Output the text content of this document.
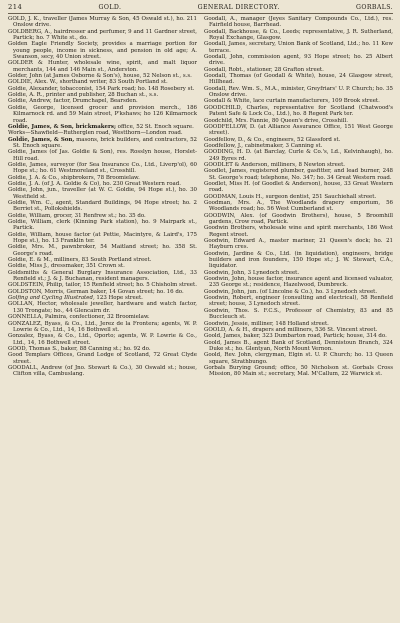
214	GOLD.	GENERAL DIRECTORY.	GORBALS.
GOLD, J. K., traveller (James Murray & Son, 45 Oswald st.), ho. 211 Onslow drive.
GOLDBERG, A., hairdresser and perfumer, 9 and 11 Gardner street, Partick; ho. 7 White st., do.
Golden Eagle Friendly Society, provides a marriage portion for young people, income in sickness, and pension in old age; A. Swanson, secy, 40 Union street.
GOLDER & Hunter, wholesale wine, spirit, and malt liquor merchants, 144 and 146 Main st., Anderston.
Golder, John (at James Osborne & Son's), house, 52 Nelson st., s.s.
GOLDIE, Alex. W., shorthand writer, 83 South Portland st.
Goldie, Alexander, tobacconist, 154 Park road; ho. 148 Rosebery st.
Goldie, A. R., printer and publisher, 28 Buchan st., s.s.
Goldie, Andrew, factor, Drumchapel, Bearsden.
Goldie, George, licensed grocer and provision merch., 186 Kilmarnock rd. and 59 Main street, P'kshaws; ho 126 Kilmarnock road.
Goldie, James, & Son, brickmakers; office, 52 St. Enoch square.
Works—Shawfield—Rutherglen road, Westthorn—London road.
Goldie, James, & Son, masons, brick builders, and contractors, 52 St. Enoch square.
Goldie, James (of Jas. Goldie & Son), res. Rosslyn house, Horslet-Hill road.
Goldie, James, surveyor (for Sea Insurance Co., Ltd., Liverp'ol), 60 Hope st.; ho. 61 Westmoreland st., Crosshill.
Goldie, J. A. & Co., shipbrokers, 78 Broomielaw.
Goldie, J. A. (of J. A. Goldie & Co), ho. 230 Great Western road.
Goldie, John, jun., traveller (at W. C. Goldie, 94 Hope st.), ho. 30 Westfield st.
Goldie, Wm. C., agent, Standard Buildings, 94 Hope street; ho. 2 Berriet st., Pollokshields.
Goldie, William, grocer, 31 Renfrew st.; ho. 35 do.
Goldie, William, clerk (Kinning Park station), ho. 9 Mairpark st., Partick.
Goldie, William, house factor (at Pettie, Macintyre, & Laird's, 175 Hope st.), ho. 13 Franklin ter.
Goldie, Mrs. M., pawnbroker, 54 Maitland street; ho. 358 St. George's road.
Goldie, E. & M., milliners, 83 South Portland street.
Goldie, Miss J., dressmaker, 351 Crown st.
Goldsmiths & General Burglary Insurance Association, Ltd., 33 Renfield st.; J. & J. Buchanan, resident managers.
GOLDSTEIN, Philip, tailor, 15 Renfield street; ho. 5 Chisholm street.
GOLDSTON, Morris, German baker, 14 Govan street; ho. 16 do.
Golfing and Cycling Illustrated, 123 Hope street.
GOLLAN, Hector, wholesale jeweller, hardware and watch factor, 130 Trongate; ho., 44 Glencairn dr.
GONNELLA, Palmira, confectioner, 32 Broomielaw.
GONZALEZ, Byass, & Co., Ltd., Jerez de la Frontera; agents, W. P. Lowrie & Co., Ltd., 14, 16 Bothwell st.
Gonzalez, Byass, & Co., Ltd., Oporto; agents, W. P. Lowrie & Co., Ltd., 14, 16 Bothwell street.
GOOD, Thomas S., baker, 88 Canning st.; ho. 92 do.
Good Templars Offices, Grand Lodge of Scotland, 72 Great Clyde street.
GOODALL, Andrew (of Jno. Stewart & Co.), 30 Oswald st.; house, Clifton villa, Cambuslang.
Goodall, A., manager (Jeyes Sanitary Compounds Co., Ltd.), res. Fairfield house, Barrhead.
Goodall, Backhouse, & Co., Leeds; representative, J. R. Sutherland, Royal Exchange, Glasgow.
Goodall, James, secretary, Union Bank of Scotland, Ltd.; ho. 11 Kew terrace.
Goodall, John, commission agent, 93 Hope street; ho. 25 Albert drive.
Goodall, Robt., stationer, 28 Grafton street.
Goodall, Thomas (of Goodall & White), house, 24 Glasgow street, Hillhead.
Goodall, Rev. Wm. S., M.A., minister, Greyfriars' U. P. Church; ho. 35 Onslow drive.
Goodall & White, lace curtain manufacturers, 109 Brook street.
GOODCHILD, Charles, representative for Scotland (Chatwood's Patent Safe & Lock Co., Ltd.), ho. 8 Regent Park ter.
Goodchild, Mrs. Fannie, 80 Queen's drive, Crosshill.
GOODFELLOW, D. (at Alliance Assurance Office, 151 West George street).
Goodfellow, D., & Co., engineers, 52 Glassford st.
Goodfellow, J., cabinetmaker, 3 Canning st.
GOODING, H. D. (at Barclay, Curle & Co.'s, Ld., Kelvinhaugh), ho. 249 Byres rd.
GOODLET & Anderson, milliners, 8 Newton street.
Goodlet, James, registered plumber, gasfitter, and lead burner, 248 St. George's road; telephone, No. 347; ho. 34 Great Western road.
Goodlet, Miss H. (of Goodlet & Anderson), house, 33 Great Western road.
GOODMAN, Louis H., surgeon dentist, 251 Sauchiehall street.
Goodman, Mrs. A., The Woodlands drapery emporium, 56 Woodlands road; ho. 56 West Cumberland st.
GOODWIN, Alex. (of Goodwin Brothers), house, 5 Broomhill gardens, Crow road, Partick.
Goodwin Brothers, wholesale wine and spirit merchants, 186 West Regent street.
Goodwin, Edward A., master mariner, 21 Queen's dock; ho. 21 Hayburn cres.
Goodwin, Jardine & Co., Ltd. (in liquidation), engineers, bridge builders and iron founders, 150 Hope st.; J. W. Stewart, C.A., liquidator.
Goodwin, John, 3 Lynedoch street.
Goodwin, John, house factor, insurance agent and licensed valuator, 235 George st.; residence, Hazelwood, Dumbreck.
Goodwin, John, jun. (of Lincolne & Co.), ho. 3 Lynedoch street.
Goodwin, Robert, engineer (consulting and electrical), 58 Renfield street; house, 3 Lynedoch street.
Goodwin, Thos. S. F.C.S., Professor of Chemistry, 83 and 85 Buccleuch st.
Goodwin, Jessie, milliner, 148 Holland street.
GOOLD, A. & H., drapers and milliners, 536 St. Vincent street.
Goold, James, baker, 323 Dumbarton road, Partick; house, 314 do.
Goold, James B., agent Bank of Scotland, Dennistoun Branch, 324 Duke st.; ho. Glentyan, North Mount Vernon.
Goold, Rev. John, clergyman, Elgin st. U. P. Church; ho. 13 Queen square, Strathbungo.
Gorbals Burying Ground; office, 50 Nicholson st. Gorbals Cross Mission, 80 Main st.; secretary, Mal. M'Callum, 22 Warwick st.
